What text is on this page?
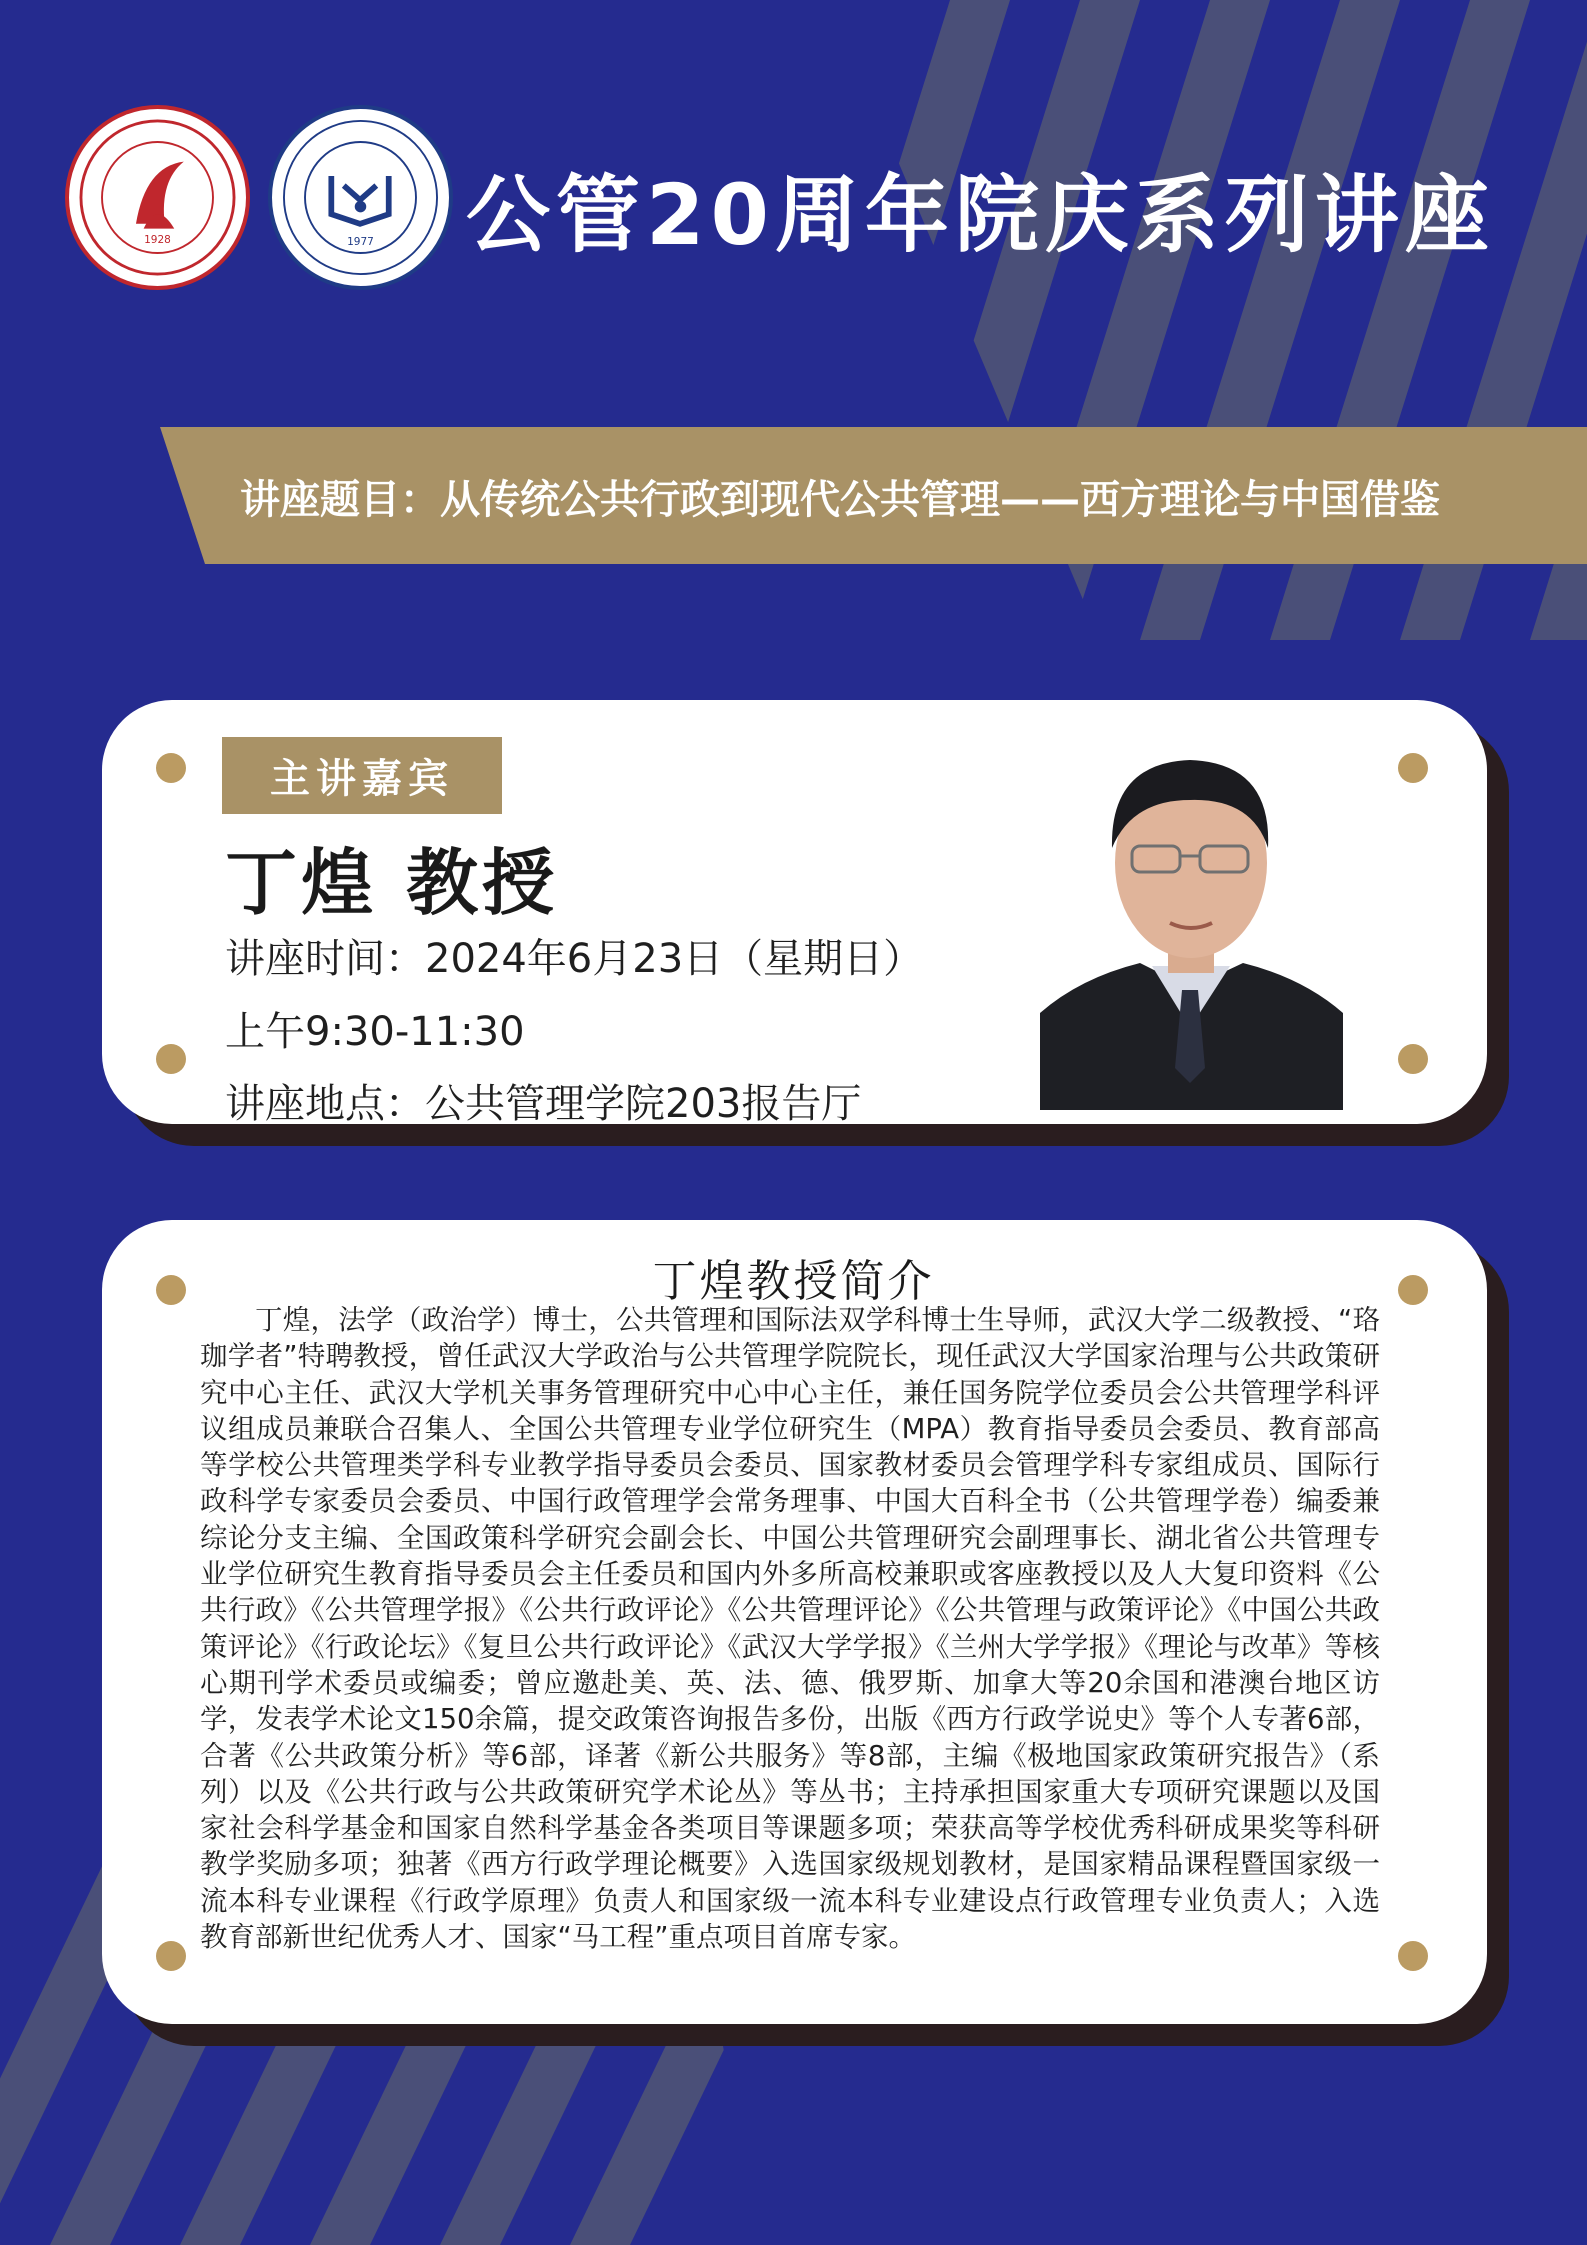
1928	1977 公管20周年院庆系列讲座
讲座题目：从传统公共行政到现代公共管理——西方理论与中国借鉴
主讲嘉宾
丁煌 教授
讲座时间：2024年6月23日（星期日）
上午9:30-11:30
讲座地点：公共管理学院203报告厅
丁煌教授简介

丁煌，法学（政治学）博士，公共管理和国际法双学科博士生导师，武汉大学二级教授、“珞珈学者”特聘教授，曾任武汉大学政治与公共管理学院院长，现任武汉大学国家治理与公共政策研究中心主任、武汉大学机关事务管理研究中心中心主任，兼任国务院学位委员会公共管理学科评议组成员兼联合召集人、全国公共管理专业学位研究生（MPA）教育指导委员会委员、教育部高等学校公共管理类学科专业教学指导委员会委员、国家教材委员会管理学科专家组成员、国际行政科学专家委员会委员、中国行政管理学会常务理事、中国大百科全书（公共管理学卷）编委兼综论分支主编、全国政策科学研究会副会长、中国公共管理研究会副理事长、湖北省公共管理专业学位研究生教育指导委员会主任委员和国内外多所高校兼职或客座教授以及人大复印资料《公共行政》《公共管理学报》《公共行政评论》《公共管理评论》《公共管理与政策评论》《中国公共政策评论》《行政论坛》《复旦公共行政评论》《武汉大学学报》《兰州大学学报》《理论与改革》等核心期刊学术委员或编委；曾应邀赴美、英、法、德、俄罗斯、加拿大等20余国和港澳台地区访学，发表学术论文150余篇，提交政策咨询报告多份，出版《西方行政学说史》等个人专著6部，合著《公共政策分析》等6部，译著《新公共服务》等8部，主编《极地国家政策研究报告》（系列）以及《公共行政与公共政策研究学术论丛》等丛书；主持承担国家重大专项研究课题以及国家社会科学基金和国家自然科学基金各类项目等课题多项；荣获高等学校优秀科研成果奖等科研教学奖励多项；独著《西方行政学理论概要》入选国家级规划教材，是国家精品课程暨国家级一流本科专业课程《行政学原理》负责人和国家级一流本科专业建设点行政管理专业负责人；入选教育部新世纪优秀人才、国家“马工程”重点项目首席专家。
